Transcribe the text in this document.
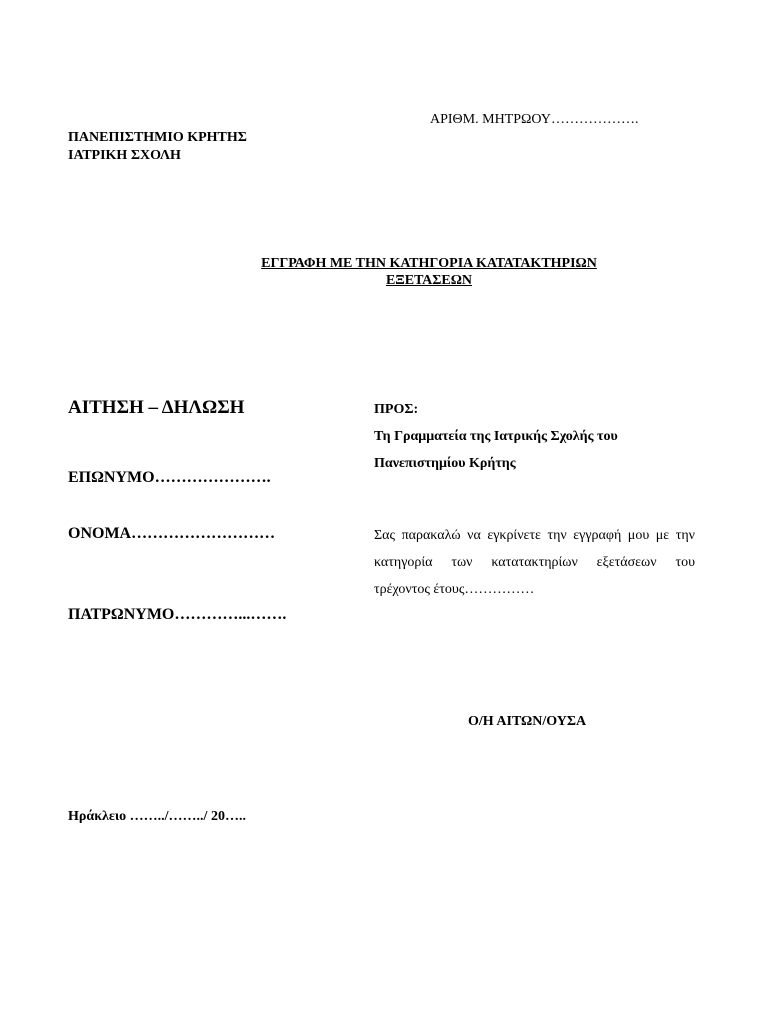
ΑΡΙΘΜ. ΜΗΤΡΩΟΥ……………….
ΠΑΝΕΠΙΣΤΗΜΙΟ ΚΡΗΤΗΣ
ΙΑΤΡΙΚΗ ΣΧΟΛΗ
ΕΓΓΡΑΦΗ ΜΕ ΤΗΝ ΚΑΤΗΓΟΡΙΑ ΚΑΤΑΤΑΚΤΗΡΙΩΝ
ΕΞΕΤΑΣΕΩΝ
ΑΙΤΗΣΗ – ΔΗΛΩΣΗ
ΕΠΩΝΥΜΟ………………….
ΟΝΟΜΑ………………………
ΠΑΤΡΩΝΥΜΟ…………...…….
ΠΡΟΣ:
Τη Γραμματεία της Ιατρικής Σχολής του
Πανεπιστημίου Κρήτης
Σας παρακαλώ να εγκρίνετε την εγγραφή μου με την
κατηγορία των κατατακτηρίων εξετάσεων του
τρέχοντος έτους……………
Ο/Η ΑΙΤΩΝ/ΟΥΣΑ
Ηράκλειο ……../……../ 20…..
